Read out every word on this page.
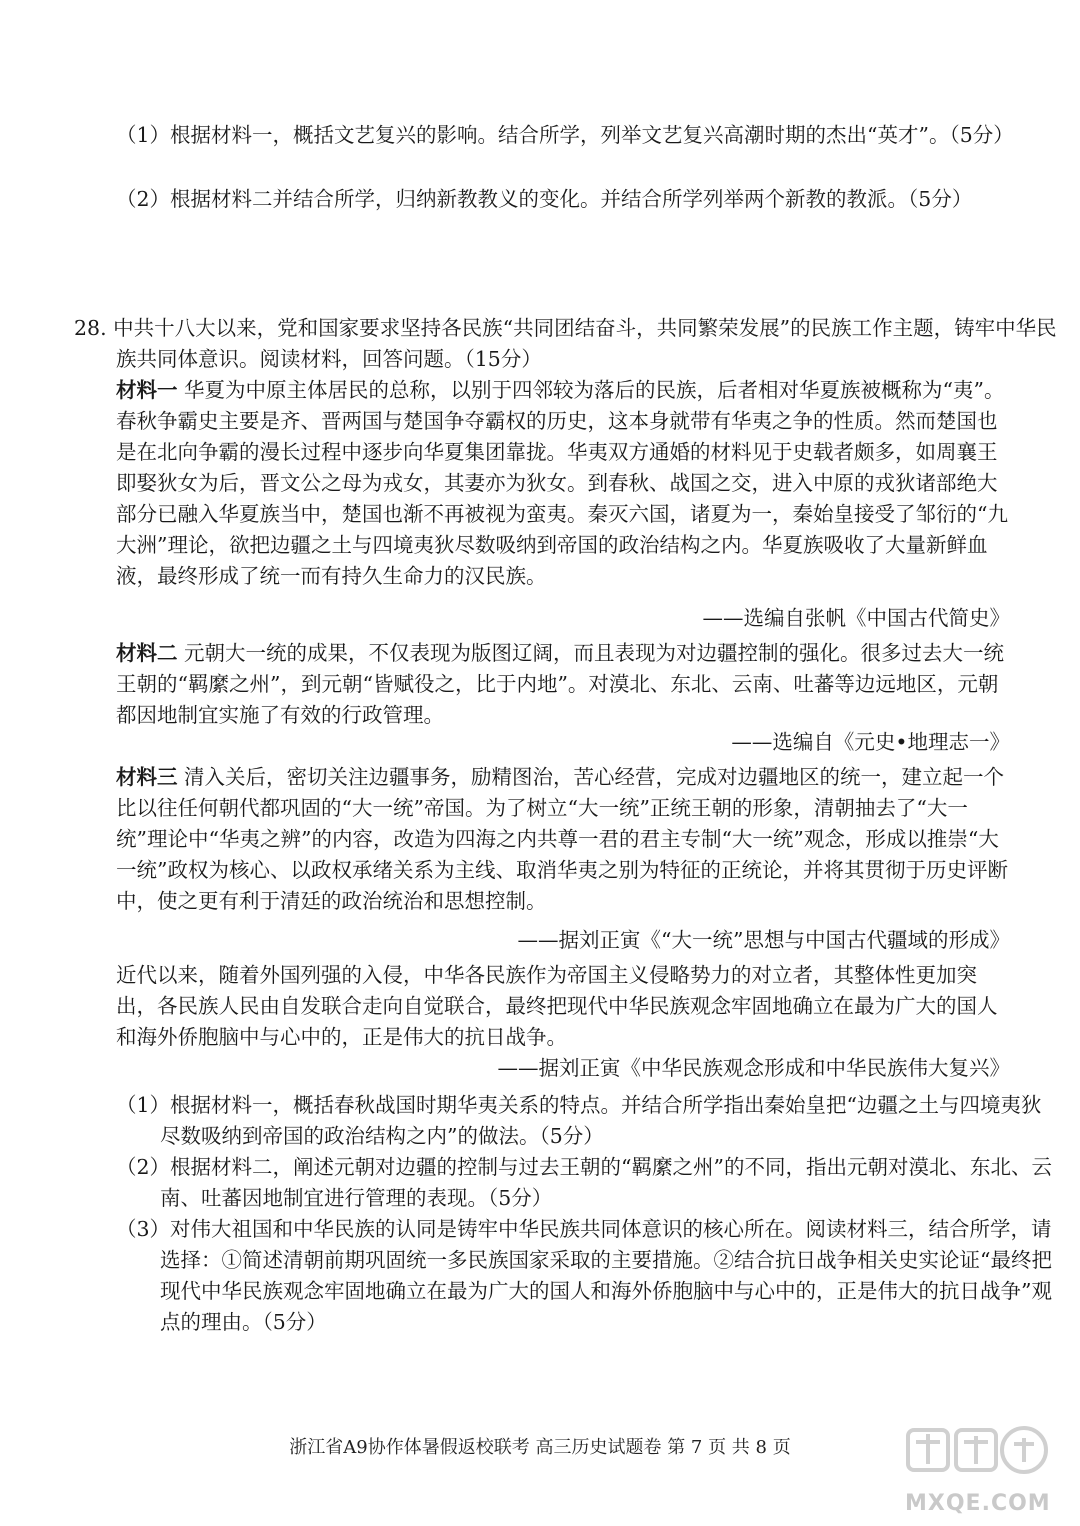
（1）根据材料一，概括文艺复兴的影响。结合所学，列举文艺复兴高潮时期的杰出“英才”。（5分）
（2）根据材料二并结合所学，归纳新教教义的变化。并结合所学列举两个新教的教派。（5分）
28. 中共十八大以来，党和国家要求坚持各民族“共同团结奋斗，共同繁荣发展”的民族工作主题，铸牢中华民族共同体意识。阅读材料，回答问题。（15分）
材料一 华夏为中原主体居民的总称，以别于四邻较为落后的民族，后者相对华夏族被概称为“夷”。春秋争霸史主要是齐、晋两国与楚国争夺霸权的历史，这本身就带有华夷之争的性质。然而楚国也是在北向争霸的漫长过程中逐步向华夏集团靠拢。华夷双方通婚的材料见于史载者颇多，如周襄王即娶狄女为后，晋文公之母为戎女，其妻亦为狄女。到春秋、战国之交，进入中原的戎狄诸部绝大部分已融入华夏族当中，楚国也渐不再被视为蛮夷。秦灭六国，诸夏为一，秦始皇接受了邹衍的“九大洲”理论，欲把边疆之土与四境夷狄尽数吸纳到帝国的政治结构之内。华夏族吸收了大量新鲜血液，最终形成了统一而有持久生命力的汉民族。
——选编自张帆《中国古代简史》
材料二 元朝大一统的成果，不仅表现为版图辽阔，而且表现为对边疆控制的强化。很多过去大一统王朝的“羁縻之州”，到元朝“皆赋役之，比于内地”。对漠北、东北、云南、吐蕃等边远地区，元朝都因地制宜实施了有效的行政管理。
——选编自《元史•地理志一》
材料三 清入关后，密切关注边疆事务，励精图治，苦心经营，完成对边疆地区的统一，建立起一个比以往任何朝代都巩固的“大一统”帝国。为了树立“大一统”正统王朝的形象，清朝抽去了“大一统”理论中“华夷之辨”的内容，改造为四海之内共尊一君的君主专制“大一统”观念，形成以推崇“大一统”政权为核心、以政权承绪关系为主线、取消华夷之别为特征的正统论，并将其贯彻于历史评断中，使之更有利于清廷的政治统治和思想控制。
——据刘正寅《“大一统”思想与中国古代疆域的形成》
近代以来，随着外国列强的入侵，中华各民族作为帝国主义侵略势力的对立者，其整体性更加突出，各民族人民由自发联合走向自觉联合，最终把现代中华民族观念牢固地确立在最为广大的国人和海外侨胞脑中与心中的，正是伟大的抗日战争。
——据刘正寅《中华民族观念形成和中华民族伟大复兴》
（1）根据材料一，概括春秋战国时期华夷关系的特点。并结合所学指出秦始皇把“边疆之土与四境夷狄尽数吸纳到帝国的政治结构之内”的做法。（5分）
（2）根据材料二，阐述元朝对边疆的控制与过去王朝的“羁縻之州”的不同，指出元朝对漠北、东北、云南、吐蕃因地制宜进行管理的表现。（5分）
（3）对伟大祖国和中华民族的认同是铸牢中华民族共同体意识的核心所在。阅读材料三，结合所学，请选择：①简述清朝前期巩固统一多民族国家采取的主要措施。②结合抗日战争相关史实论证“最终把现代中华民族观念牢固地确立在最为广大的国人和海外侨胞脑中与心中的，正是伟大的抗日战争”观点的理由。（5分）
浙江省A9协作体暑假返校联考 高三历史试题卷 第 7 页 共 8 页
MXQE.COM
